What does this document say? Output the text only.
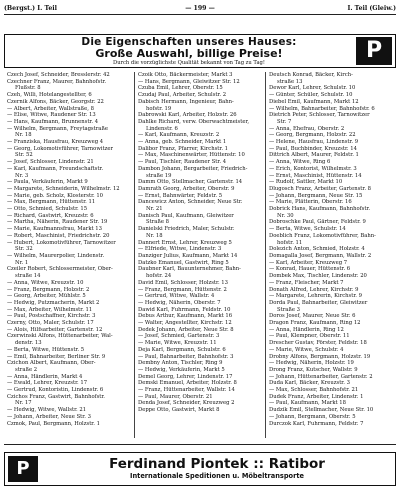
(Bergst.) I. Teil	— 199 —	I. Teil (Gleiw.)
Die Eigenschaften unseres Hauses:
Große Auswahl, billige Preise!
Durch die vorzüglichste Qualität bekannt von Tag zu Tag!	P
Czech Josef, Schneider, Bresslerstr. 42
Czechner Franz, Maurer, Bahnhofstr.
Flußstr. 8
Czeh, Willi, Hotelangestellter, 6
Czernik Alfons, Bäcker, Georgstr. 22
— Albert, Arbeiter, Wallstraße, 8
— Elise, Witwe, Raudener Str. 13
— Hans, Kaufmann, Brunnenstr. 4
— Wilhelm, Bergmann, Freytagstraße
Nr. 18
— Franziska, Hausfrau, Kreuzweg 4
— Georg, Lokomotivführer, Tarnowitzer
Str. 52
— Josef, Schlosser, Lindenstr. 21
— Karl, Kaufmann, Freundschaftstr.
Nr. 3
— Paula, Verkäuferin, Markt 9
— Margarete, Schneiderin, Wilhelmstr. 12
— Marie, geb. Scholz, Klosterstr. 10
— Max, Bergmann, Hüttenstr. 11
— Otto, Schmied, Schulstr. 15
— Richard, Gastwirt, Kreuzstr. 6
— Martha, Näherin, Raudener Str. 19
— Marie, Kaufmannsfrau, Markt 13
— Robert, Maschinist, Friedrichstr. 20
— Hubert, Lokomotivführer, Tarnowitzer
Str. 32
— Wilhelm, Maurerpolier, Lindenstr.
Nr. 1
Czeiler Robert, Schlossermeister, Ober-
straße 14
— Anna, Witwe, Kreuzstr. 10
— Franz, Bergmann, Holzstr. 2
— Georg, Arbeiter, Mühlstr. 5
— Hedwig, Putzmacherin, Markt 2
— Max, Arbeiter, Wilhelmstr. 11
— Paul, Postschaffner, Kirchstr. 3
Czerny, Otto, Maler, Schulstr. 17
— Alois, Hilfsarbeiter, Gartenstr. 12
Czerwinski Alfons, Hüttenarbeiter, Wal-
denstr. 13
— Berta, Witwe, Hüttenstr. 5
— Emil, Bahnarbeiter, Berliner Str. 9
Czichon Albert, Kaufmann, Ober-
straße 2
— Anna, Händlerin, Markt 4
— Ewald, Lehrer, Kreuzstr. 17
— Gertrud, Kontoristin, Lindenstr. 6
Czichos Franz, Gastwirt, Bahnhofstr.
Nr. 17
— Hedwig, Witwe, Wallstr. 21
— Johann, Arbeiter, Neue Str. 3
Czmok, Paul, Bergmann, Holzstr. 1
Czoik Otto, Bäckermeister, Markt 3
— Hans, Bergmann, Gleiwitzer Str. 12
Czuba Emil, Lehrer, Oberstr. 15
Czudaj Paul, Arbeiter, Schulstr. 2
Dabisch Hermann, Ingenieur, Bahn-
hofstr. 19
Dabrowski Karl, Arbeiter, Holzstr. 26
Dahlke Richard, verw. Oberwachtmeister,
Lindenstr. 6
— Karl, Kaufmann, Kreuzstr. 2
— Anna, geb. Schneider, Markt 1
Dalibor Franz, Pfarrer, Kirchstr. 1
— Max, Maschinenwärter, Hüttenstr. 10
— Paul, Tischler, Raudener Str. 4
Dambon Johann, Bergarbeiter, Friedrich-
straße 19
Damm Otto, Stellmacher, Gartenstr. 14
Damrath Georg, Arbeiter, Oberstr. 9
— Ernst, Bahnwärter, Feldstr. 5
Dancewicz Anton, Schneider, Neue Str.
Nr. 21
Danisch Paul, Kaufmann, Gleiwitzer
Straße 8
Danielski Friedrich, Maler, Schulstr.
Nr. 18
Dannert Ernst, Lehrer, Kreuzweg 5
— Elfriede, Witwe, Lindenstr. 3
Danziger Julius, Kaufmann, Markt 14
Datzko Emanuel, Gastwirt, Ring 5
Daubner Karl, Bauunternehmer, Bahn-
hofstr. 24
David Emil, Schlosser, Holzstr. 13
— Franz, Bergmann, Hüttenstr. 2
— Gertrud, Witwe, Wallstr. 4
— Hedwig, Näherin, Oberstr. 7
Dawid Karl, Fuhrmann, Feldstr. 10
Debus Arthur, Kaufmann, Markt 16
— Walter, Angestellter, Kirchstr. 12
Dedek Johann, Arbeiter, Neue Str. 8
— Josef, Schmied, Gartenstr. 3
— Marie, Witwe, Kreuzstr. 11
Deja Karl, Bergmann, Schulstr. 6
— Paul, Bahnarbeiter, Bahnhofstr. 3
Dembny Anton, Tischler, Ring 9
— Hedwig, Verkäuferin, Markt 5
Demel Georg, Lehrer, Lindenstr. 17
Demski Emanuel, Arbeiter, Holzstr. 8
— Franz, Hüttenarbeiter, Wallstr. 14
— Paul, Maurer, Oberstr. 21
Denda Josef, Schneider, Kreuzweg 2
Deppe Otto, Gastwirt, Markt 8
Deutsch Konrad, Bäcker, Kirch-
straße 13
Dewor Karl, Lehrer, Schulstr. 10
— Günter, Schüler, Schulstr. 10
Diebel Emil, Kaufmann, Markt 12
— Wilhelm, Bahnarbeiter, Bahnhofstr. 6
Dietrich Peter, Schlosser, Tarnowitzer
Str. 7
— Anna, Ehefrau, Oberstr. 2
— Georg, Bergmann, Holzstr. 22
— Helene, Hausfrau, Lindenstr. 9
— Paul, Buchbinder, Kreuzstr. 14
Dittrich Albert, Maurer, Feldstr. 1
— Anna, Witwe, Ring 6
— Erich, Kontorist, Wilhelmstr. 3
— Ernst, Maschinist, Hüttenstr. 14
— Rudolf, Sattler, Markt 10
Dlugosch Franz, Arbeiter, Gartenstr. 8
— Johann, Bergmann, Neue Str. 15
— Marie, Plätterin, Oberstr. 16
Dobrick Hans, Kaufmann, Bahnhofstr.
Nr. 30
Dobroschke Paul, Gärtner, Feldstr. 9
— Berta, Witwe, Schulstr. 14
Doeblich Franz, Lokomotivführer, Bahn-
hofstr. 11
Dolezich Anton, Schmied, Holzstr. 4
Domagalla Josef, Bergmann, Wallstr. 2
— Karl, Arbeiter, Kreuzweg 7
— Konrad, Hauer, Hüttenstr. 6
Dombek Max, Tischler, Lindenstr. 20
— Franz, Fleischer, Markt 7
Donath Alfred, Lehrer, Kirchstr. 9
— Margarete, Lehrerin, Kirchstr. 9
Dorda Paul, Bahnarbeiter, Gleiwitzer
Straße 3
Doros Josef, Maurer, Neue Str. 6
Dragon Franz, Kaufmann, Ring 12
— Anna, Händlerin, Ring 12
— Paul, Klempner, Oberstr. 11
Drescher Gustav, Förster, Feldstr. 18
— Marie, Witwe, Schulstr. 4
Drobny Alfons, Bergmann, Holzstr. 19
— Hedwig, Näherin, Holzstr. 19
Drong Franz, Kutscher, Wallstr. 9
— Johann, Hüttenarbeiter, Gartenstr. 2
Duda Karl, Bäcker, Kreuzstr. 3
— Max, Schlosser, Bahnhofstr. 21
Dudek Franz, Arbeiter, Lindenstr. 1
— Paul, Kaufmann, Markt 18
Dudzik Emil, Stellmacher, Neue Str. 10
— Johann, Bergmann, Oberstr. 5
Durczok Karl, Fuhrmann, Feldstr. 7
P	Ferdinand Piontek :: Ratibor
Internationale Speditionen u. Möbeltransporte
